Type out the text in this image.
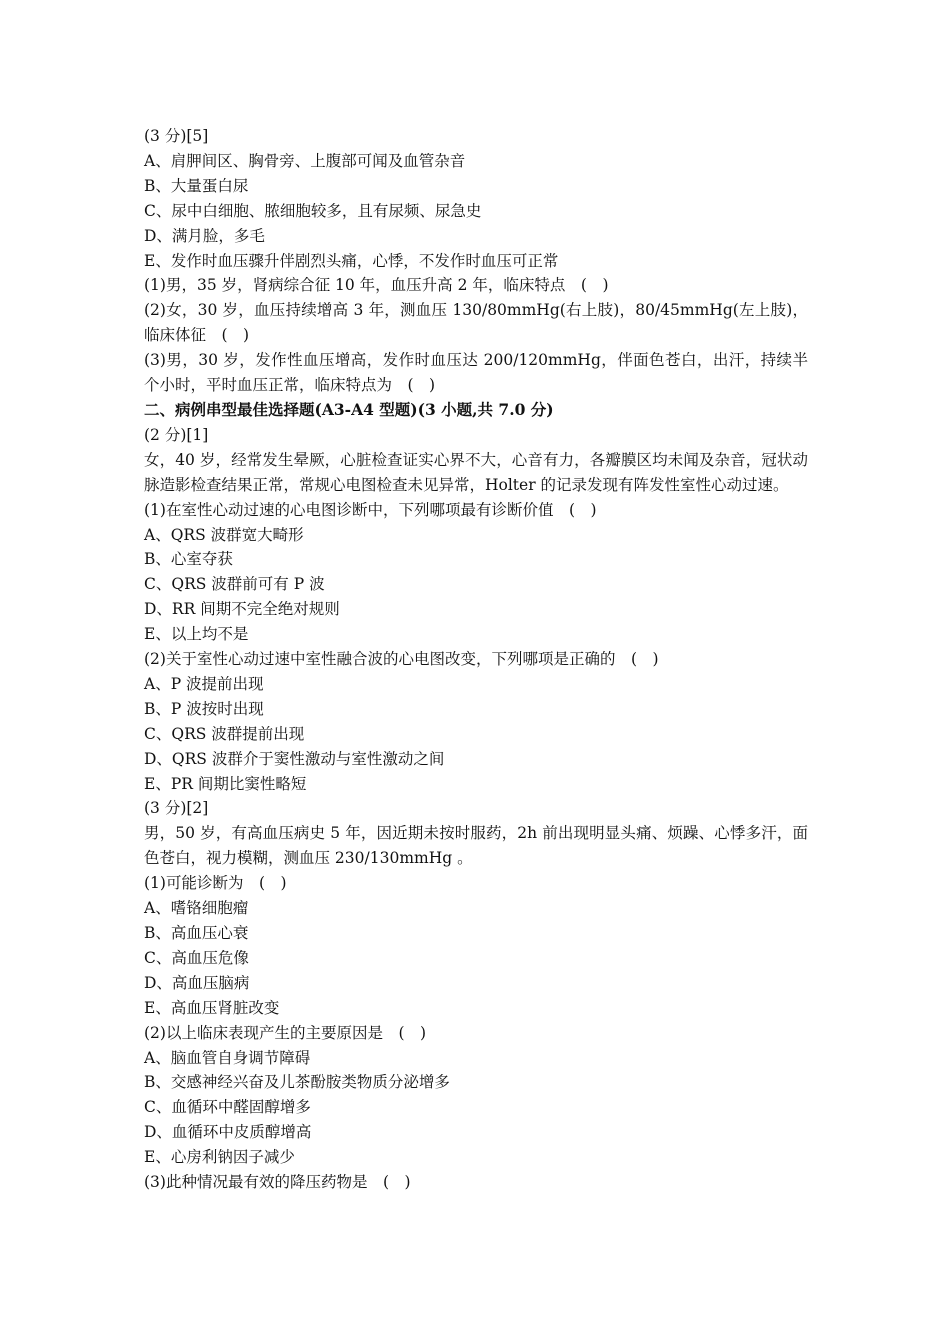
(3 分)[5]
A、肩胛间区、胸骨旁、上腹部可闻及血管杂音
B、大量蛋白尿
C、尿中白细胞、脓细胞较多，且有尿频、尿急史
D、满月脸，多毛
E、发作时血压骤升伴剧烈头痛，心悸，不发作时血压可正常
(1)男，35 岁，肾病综合征 10 年，血压升高 2 年，临床特点　(　)
(2)女，30 岁，血压持续增高 3 年，测血压 130/80mmHg(右上肢)，80/45mmHg(左上肢)，临床体征　(　)
(3)男，30 岁，发作性血压增高，发作时血压达 200/120mmHg，伴面色苍白，出汗，持续半个小时，平时血压正常，临床特点为　(　)
二、病例串型最佳选择题(A3-A4 型题)(3 小题,共 7.0 分)
(2 分)[1]
女，40 岁，经常发生晕厥，心脏检查证实心界不大，心音有力，各瓣膜区均未闻及杂音，冠状动脉造影检查结果正常，常规心电图检查未见异常，Holter 的记录发现有阵发性室性心动过速。
(1)在室性心动过速的心电图诊断中，下列哪项最有诊断价值　(　)
A、QRS 波群宽大畸形
B、心室夺获
C、QRS 波群前可有 P 波
D、RR 间期不完全绝对规则
E、以上均不是
(2)关于室性心动过速中室性融合波的心电图改变，下列哪项是正确的　(　)
A、P 波提前出现
B、P 波按时出现
C、QRS 波群提前出现
D、QRS 波群介于窦性激动与室性激动之间
E、PR 间期比窦性略短
(3 分)[2]
男，50 岁，有高血压病史 5 年，因近期未按时服药，2h 前出现明显头痛、烦躁、心悸多汗，面色苍白，视力模糊，测血压 230/130mmHg 。
(1)可能诊断为　(　)
A、嗜铬细胞瘤
B、高血压心衰
C、高血压危像
D、高血压脑病
E、高血压肾脏改变
(2)以上临床表现产生的主要原因是　(　)
A、脑血管自身调节障碍
B、交感神经兴奋及儿茶酚胺类物质分泌增多
C、血循环中醛固醇增多
D、血循环中皮质醇增高
E、心房利钠因子减少
(3)此种情况最有效的降压药物是　(　)
